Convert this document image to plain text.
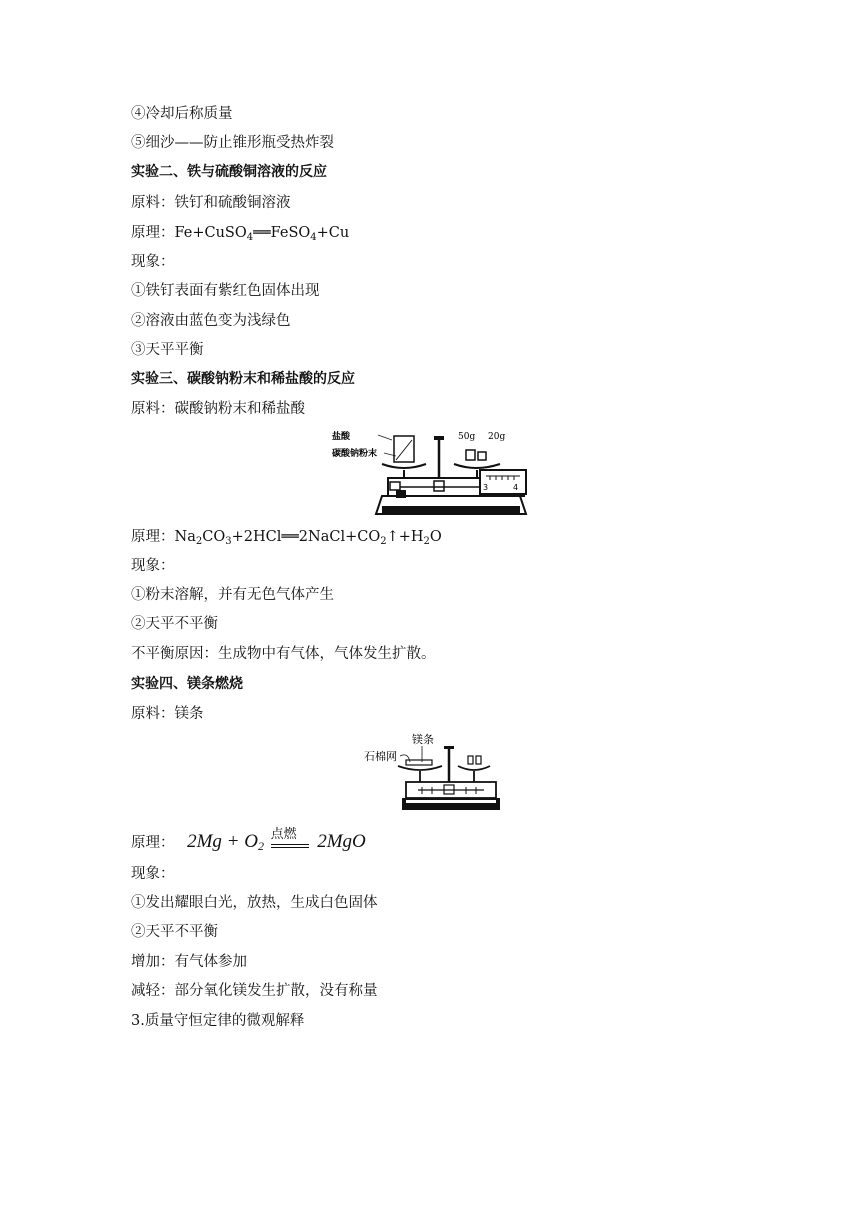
④冷却后称质量
⑤细沙——防止锥形瓶受热炸裂
实验二、铁与硫酸铜溶液的反应
原料：铁钉和硫酸铜溶液
原理：Fe+CuSO$_4$══FeSO$_4$+Cu
现象：
①铁钉表面有紫红色固体出现
②溶液由蓝色变为浅绿色
③天平平衡
实验三、碳酸钠粉末和稀盐酸的反应
原料：碳酸钠粉末和稀盐酸
盐酸
碳酸钠粉末
50g 20g
3	4
原理：$Na_2CO_3+2HCl══2NaCl+CO_2↑+H_2O$
现象：
①粉末溶解，并有无色气体产生
②天平不平衡
不平衡原因：生成物中有气体，气体发生扩散。
实验四、镁条燃烧
原料：镁条
镁条
石棉网
原理： $2Mg + O_2$
点燃 2MgO
现象：
①发出耀眼白光，放热，生成白色固体
②天平不平衡
增加：有气体参加
减轻：部分氧化镁发生扩散，没有称量
3.质量守恒定律的微观解释
